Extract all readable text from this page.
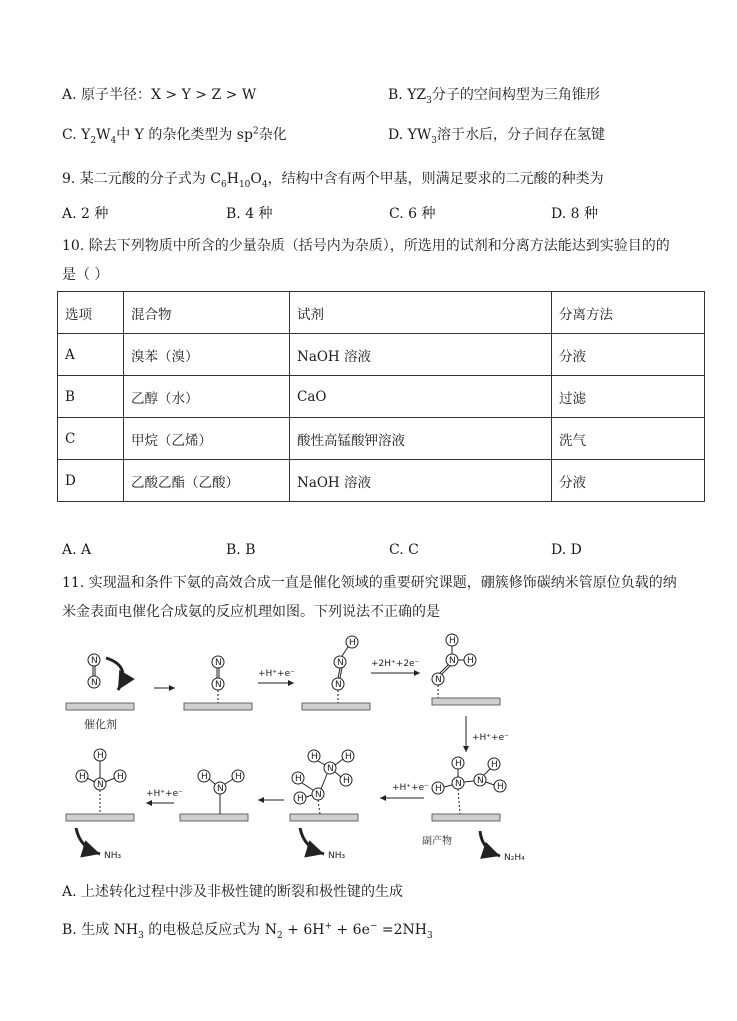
A. 原子半径：X > Y > Z > W	B. $YZ_3$分子的空间构型为三角锥形
C. $Y_2W_4$中 Y 的杂化类型为 $sp^2$杂化	D. $YW_3$溶于水后，分子间存在氢键
9. 某二元酸的分子式为 $C_6H_{10}O_4$，结构中含有两个甲基，则满足要求的二元酸的种类为
A. 2 种	B. 4 种	C. 6 种	D. 8 种
10. 除去下列物质中所含的少量杂质（括号内为杂质），所选用的试剂和分离方法能达到实验目的的
是（ ）
选项	混合物	试剂	分离方法
A	溴苯（溴）	NaOH 溶液	分液
B	乙醇（水）	CaO	过滤
C	甲烷（乙烯）	酸性高锰酸钾溶液	洗气
D	乙酸乙酯（乙酸）	NaOH 溶液	分液
A. A	B. B	C. C	D. D
11. 实现温和条件下氨的高效合成一直是催化领域的重要研究课题，硼簇修饰碳纳米管原位负载的纳
米金表面电催化合成氨的反应机理如图。下列说法不正确的是
N
N
催化剂
N
N
+H⁺+e⁻
H
N
N
+2H⁺+2e⁻
H
H
N
N
+H⁺+e⁻
H N
H
N
H
H
+H⁺+e⁻
副产物
N₂H₄
H
N
H
H
N
H
H
NH₃
H	H
N
+H⁺+e⁻
H
H	H
N
NH₃
A. 上述转化过程中涉及非极性键的断裂和极性键的生成
B. 生成 $NH_3$ 的电极总反应式为 $N_2 + 6H^+ + 6e^- =2NH_3$
